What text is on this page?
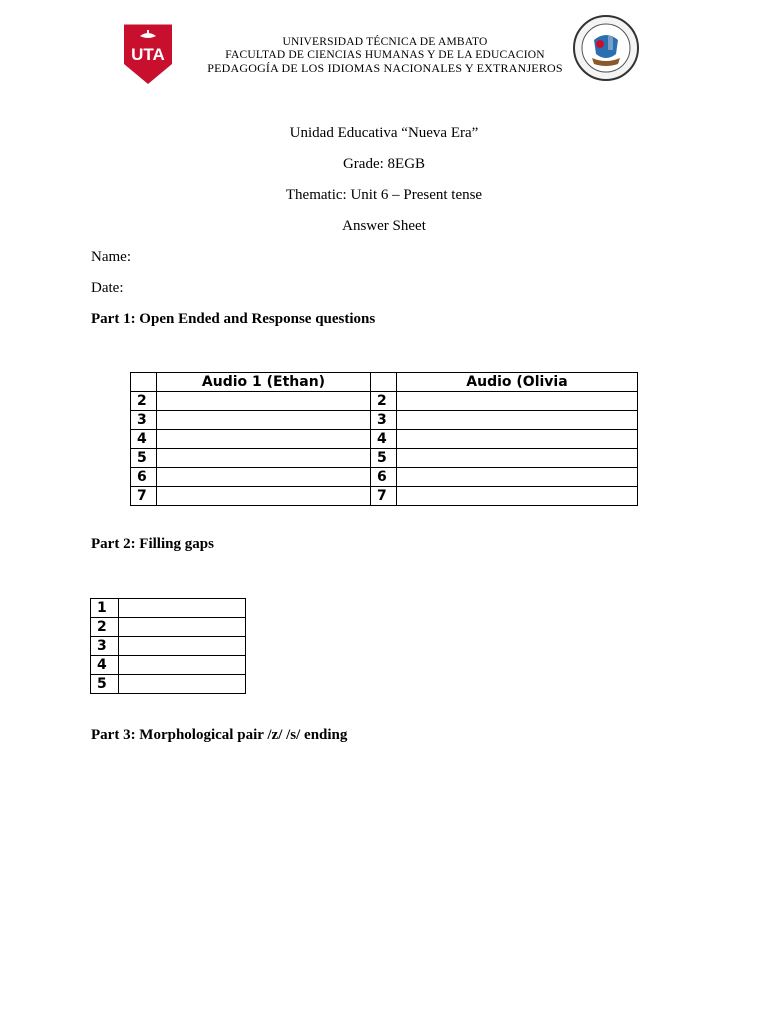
UTA
UNIVERSIDAD TÉCNICA DE AMBATO
FACULTAD DE CIENCIAS HUMANAS Y DE LA EDUCACION
PEDAGOGÍA DE LOS IDIOMAS NACIONALES Y EXTRANJEROS
Unidad Educativa “Nueva Era”
Grade: 8EGB
Thematic: Unit 6 – Present tense
Answer Sheet
Name:
Date:
Part 1: Open Ended and Response questions
	Audio 1 (Ethan)		Audio (Olivia
2		2	
3		3	
4		4	
5		5	
6		6	
7		7	
Part 2: Filling gaps
1	
2	
3	
4	
5	
Part 3: Morphological pair /z/ /s/ ending
